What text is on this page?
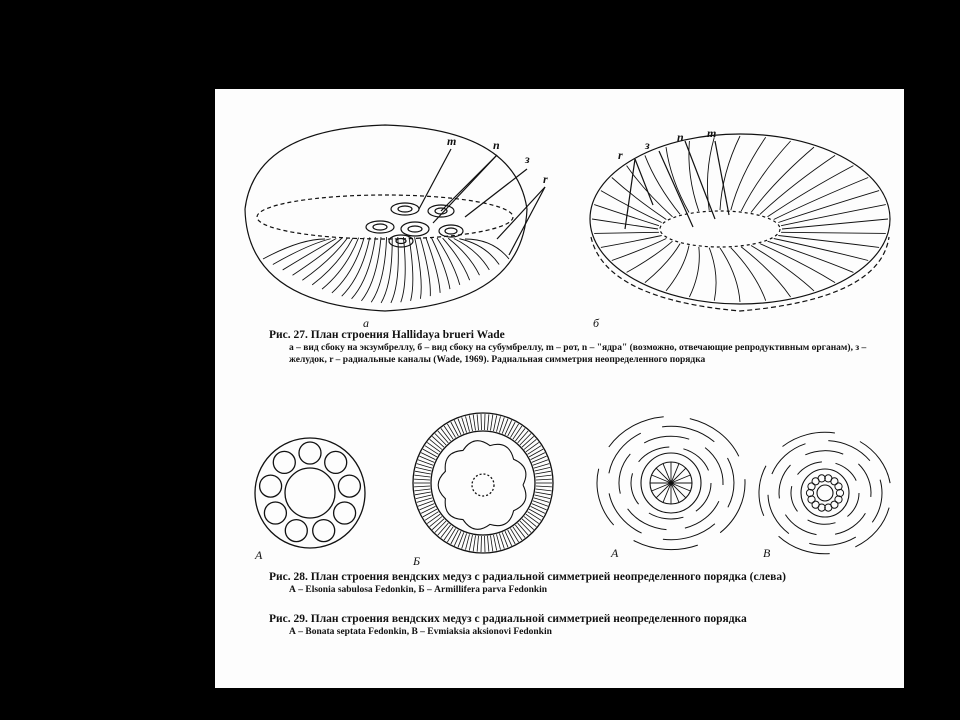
m	n
з
r
а
r
з
n m
б
А	Б
А	В
Рис. 27. План строения Hallidaya brueri Wade
а – вид сбоку на экзумбреллу, б – вид сбоку на субумбреллу, m – рот, n – "ядра" (возможно, отвечающие репродуктивным органам), з – желудок, r – радиальные каналы (Wade, 1969). Радиальная симметрия неопределенного порядка
Рис. 28. План строения вендских медуз с радиальной симметрией неопределенного порядка (слева)
А – Elsonia sabulosa Fedonkin, Б – Armillifera parva Fedonkin
Рис. 29. План строения вендских медуз с радиальной симметрией неопределенного порядка
А – Bonata septata Fedonkin, В – Evmiaksia aksionovi Fedonkin
